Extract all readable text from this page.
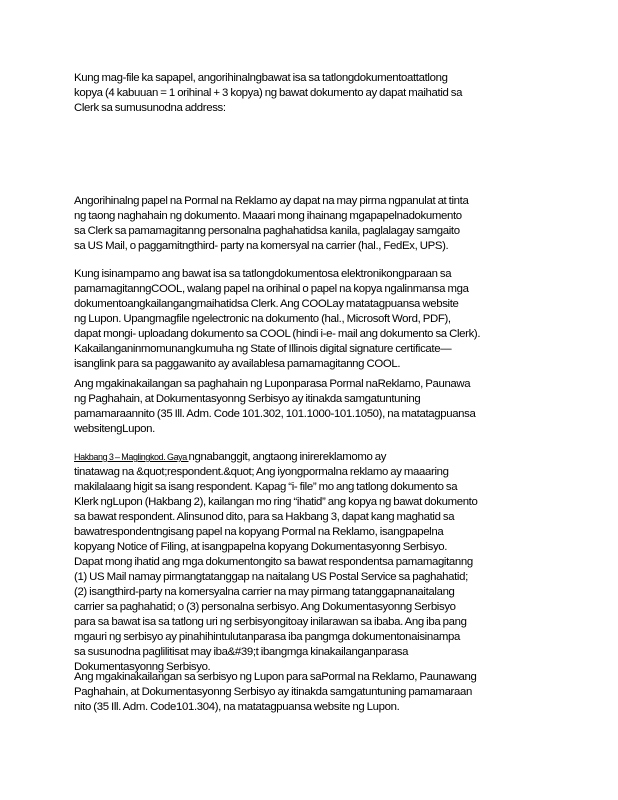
Kung mag-file ka sapapel, angorihinalngbawat isa sa tatlongdokumentoattatlong
kopya (4 kabuuan = 1 orihinal + 3 kopya) ng bawat dokumento ay dapat maihatid sa
Clerk sa sumusunodna address:

Angorihinalng papel na Pormal na Reklamo ay dapat na may pirma ngpanulat at tinta
ng taong naghahain ng dokumento. Maaari mong ihainang mgapapelnadokumento
sa Clerk sa pamamagitanng personalna paghahatidsa kanila, paglalagay samgaito
sa US Mail, o paggamitngthird- party na komersyal na carrier (hal., FedEx, UPS).

Kung isinampamo ang bawat isa sa tatlongdokumentosa elektronikongparaan sa
pamamagitanngCOOL, walang papel na orihinal o papel na kopya ngalinmansa mga
dokumentoangkailangangmaihatidsa Clerk. Ang COOLay matatagpuansa website
ng Lupon. Upangmagfile ngelectronic na dokumento (hal., Microsoft Word, PDF),
dapat mongi- uploadang dokumento sa COOL (hindi i-e- mail ang dokumento sa Clerk).
Kakailanganinmomunangkumuha ng State of Illinois digital signature certificate—
isanglink para sa paggawanito ay availablesa pamamagitanng COOL.

Ang mgakinakailangan sa paghahain ng Luponparasa Pormal naReklamo, Paunawa
ng Paghahain, at Dokumentasyonng Serbisyo ay itinakda samgatuntuning
pamamaraannito (35 Ill. Adm. Code 101.302, 101.1000-101.1050), na matatagpuansa
websitengLupon.

Hakbang 3 – Maglingkod. Gaya ngnabanggit, angtaong inirereklamomo ay
tinatawag na &quot;respondent.&quot; Ang iyongpormalna reklamo ay maaaring
makilalaang higit sa isang respondent. Kapag “i- file” mo ang tatlong dokumento sa
Klerk ngLupon (Hakbang 2), kailangan mo ring “ihatid” ang kopya ng bawat dokumento
sa bawat respondent. Alinsunod dito, para sa Hakbang 3, dapat kang maghatid sa
bawatrespondentngisang papel na kopyang Pormal na Reklamo, isangpapelna
kopyang Notice of Filing, at isangpapelna kopyang Dokumentasyonng Serbisyo.
Dapat mong ihatid ang mga dokumentongito sa bawat respondentsa pamamagitanng
(1) US Mail namay pirmangtatanggap na naitalang US Postal Service sa paghahatid;
(2) isangthird-party na komersyalna carrier na may pirmang tatanggapnanaitalang
carrier sa paghahatid; o (3) personalna serbisyo. Ang Dokumentasyonng Serbisyo
para sa bawat isa sa tatlong uri ng serbisyongitoay inilarawan sa ibaba. Ang iba pang
mgauri ng serbisyo ay pinahihintulutanparasa iba pangmga dokumentonaisinampa
sa susunodna paglilitisat may iba&#39;t ibangmga kinakailanganparasa
Dokumentasyonng Serbisyo.

Ang mgakinakailangan sa serbisyo ng Lupon para saPormal na Reklamo, Paunawang
Paghahain, at Dokumentasyonng Serbisyo ay itinakda samgatuntuning pamamaraan
nito (35 Ill. Adm. Code101.304), na matatagpuansa website ng Lupon.
